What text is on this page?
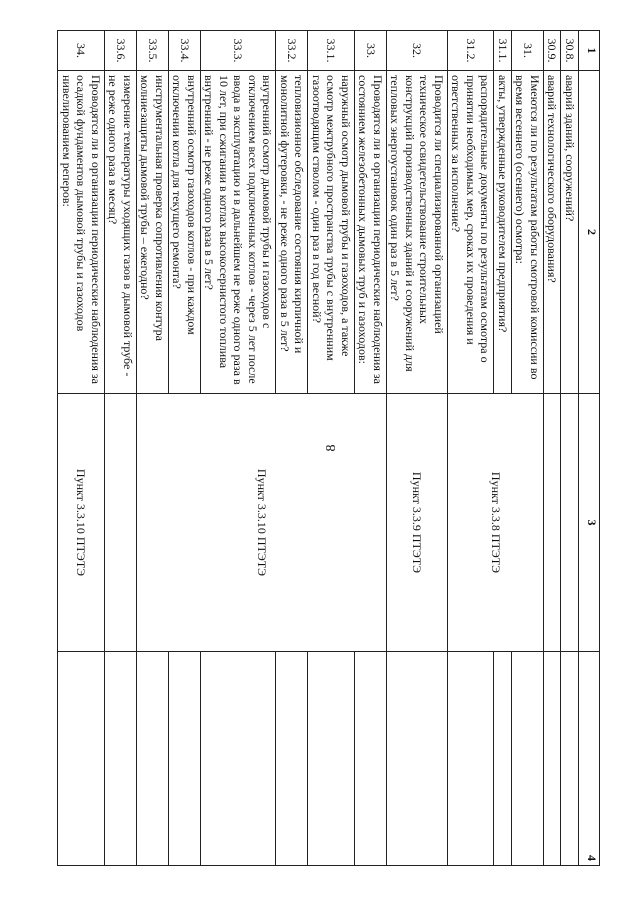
8
1	2	3	4
30.8.	аварий зданий, сооружений?		
30.9.	аварий технологического оборудования?		
31.	Имеются ли по результатам работы смотровой комиссии во время весеннего (осеннего) осмотра:	Пункт 3.3.8 ПТЭТЭ	
31.1.	акты, утвержденные руководителем предприятия?		
31.2.	распорядительные документы по результатам осмотра о принятии необходимых мер, сроках их проведения и ответственных за исполнение?		
32.	Проводится ли специализированной организацией техническое освидетельствование строительных конструкций производственных зданий и сооружений для тепловых энергоустановок один раз в 5 лет?	Пункт 3.3.9 ПТЭТЭ	
33.	Проводятся ли в организации периодические наблюдения за состоянием железобетонных дымовых труб и газоходов:	Пункт 3.3.10 ПТЭТЭ	
33.1.	наружный осмотр дымовой трубы и газоходов, а также осмотр межтрубного пространства трубы с внутренним газоотводящим стволом - один раз в год весной?		
33.2.	тепловизионное обследование состояния кирпичной и монолитной футеровки, - не реже одного раза в 5 лет?		
33.3.	внутренний осмотр дымовой трубы и газоходов с отключением всех подключенных котлов - через 5 лет после ввода в эксплуатацию и в дальнейшем не реже одного раза в 10 лет, при сжигании в котлах высокосернистого топлива внутренний - не реже одного раза в 5 лет?		
33.4.	внутренний осмотр газоходов котлов - при каждом отключении котла для текущего ремонта?		
33.5.	инструментальная проверка сопротивления контура молниезащиты дымовой трубы – ежегодно?		
33.6.	измерение температуры уходящих газов в дымовой трубе - не реже одного раза в месяц?		
34.	Проводятся ли в организации периодические наблюдения за осадкой фундаментов дымовой трубы и газоходов нивелированием реперов:	Пункт 3.3.10 ПТЭТЭ	
